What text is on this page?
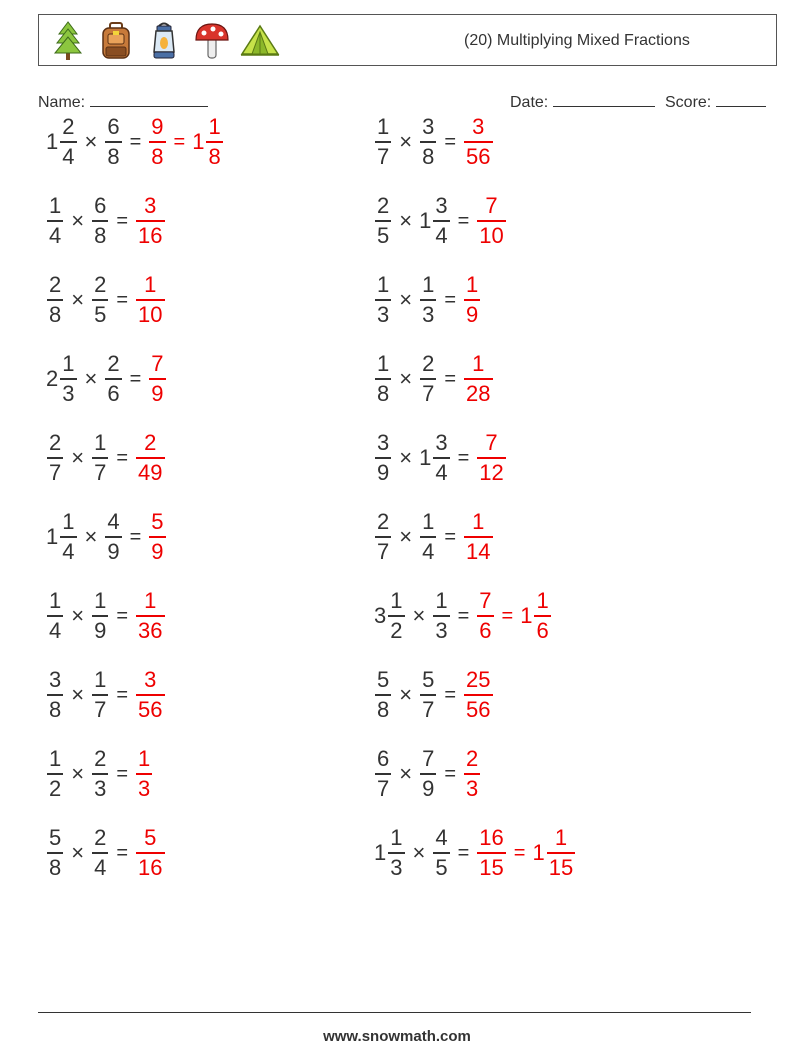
(20) Multiplying Mixed Fractions
Name:	Date:	Score:
$1 \frac{2}{4} \times \frac{6}{8} = \frac{9}{8} = 1 \frac{1}{8}$	$\frac{1}{7} \times \frac{3}{8} = \frac{3}{56}$
$\frac{1}{4} \times \frac{6}{8} = \frac{3}{16}$	$\frac{2}{5} \times 1 \frac{3}{4} = \frac{7}{10}$
$\frac{2}{8} \times \frac{2}{5} = \frac{1}{10}$	$\frac{1}{3} \times \frac{1}{3} = \frac{1}{9}$
$2 \frac{1}{3} \times \frac{2}{6} = \frac{7}{9}$	$\frac{1}{8} \times \frac{2}{7} = \frac{1}{28}$
$\frac{2}{7} \times \frac{1}{7} = \frac{2}{49}$	$\frac{3}{9} \times 1 \frac{3}{4} = \frac{7}{12}$
$1 \frac{1}{4} \times \frac{4}{9} = \frac{5}{9}$	$\frac{2}{7} \times \frac{1}{4} = \frac{1}{14}$
$\frac{1}{4} \times \frac{1}{9} = \frac{1}{36}$	$3 \frac{1}{2} \times \frac{1}{3} = \frac{7}{6} = 1 \frac{1}{6}$
$\frac{3}{8} \times \frac{1}{7} = \frac{3}{56}$	$\frac{5}{8} \times \frac{5}{7} = \frac{25}{56}$
$\frac{1}{2} \times \frac{2}{3} = \frac{1}{3}$	$\frac{6}{7} \times \frac{7}{9} = \frac{2}{3}$
$\frac{5}{8} \times \frac{2}{4} = \frac{5}{16}$	$1 \frac{1}{3} \times \frac{4}{5} = \frac{16}{15} = 1 \frac{1}{15}$
www.snowmath.com
